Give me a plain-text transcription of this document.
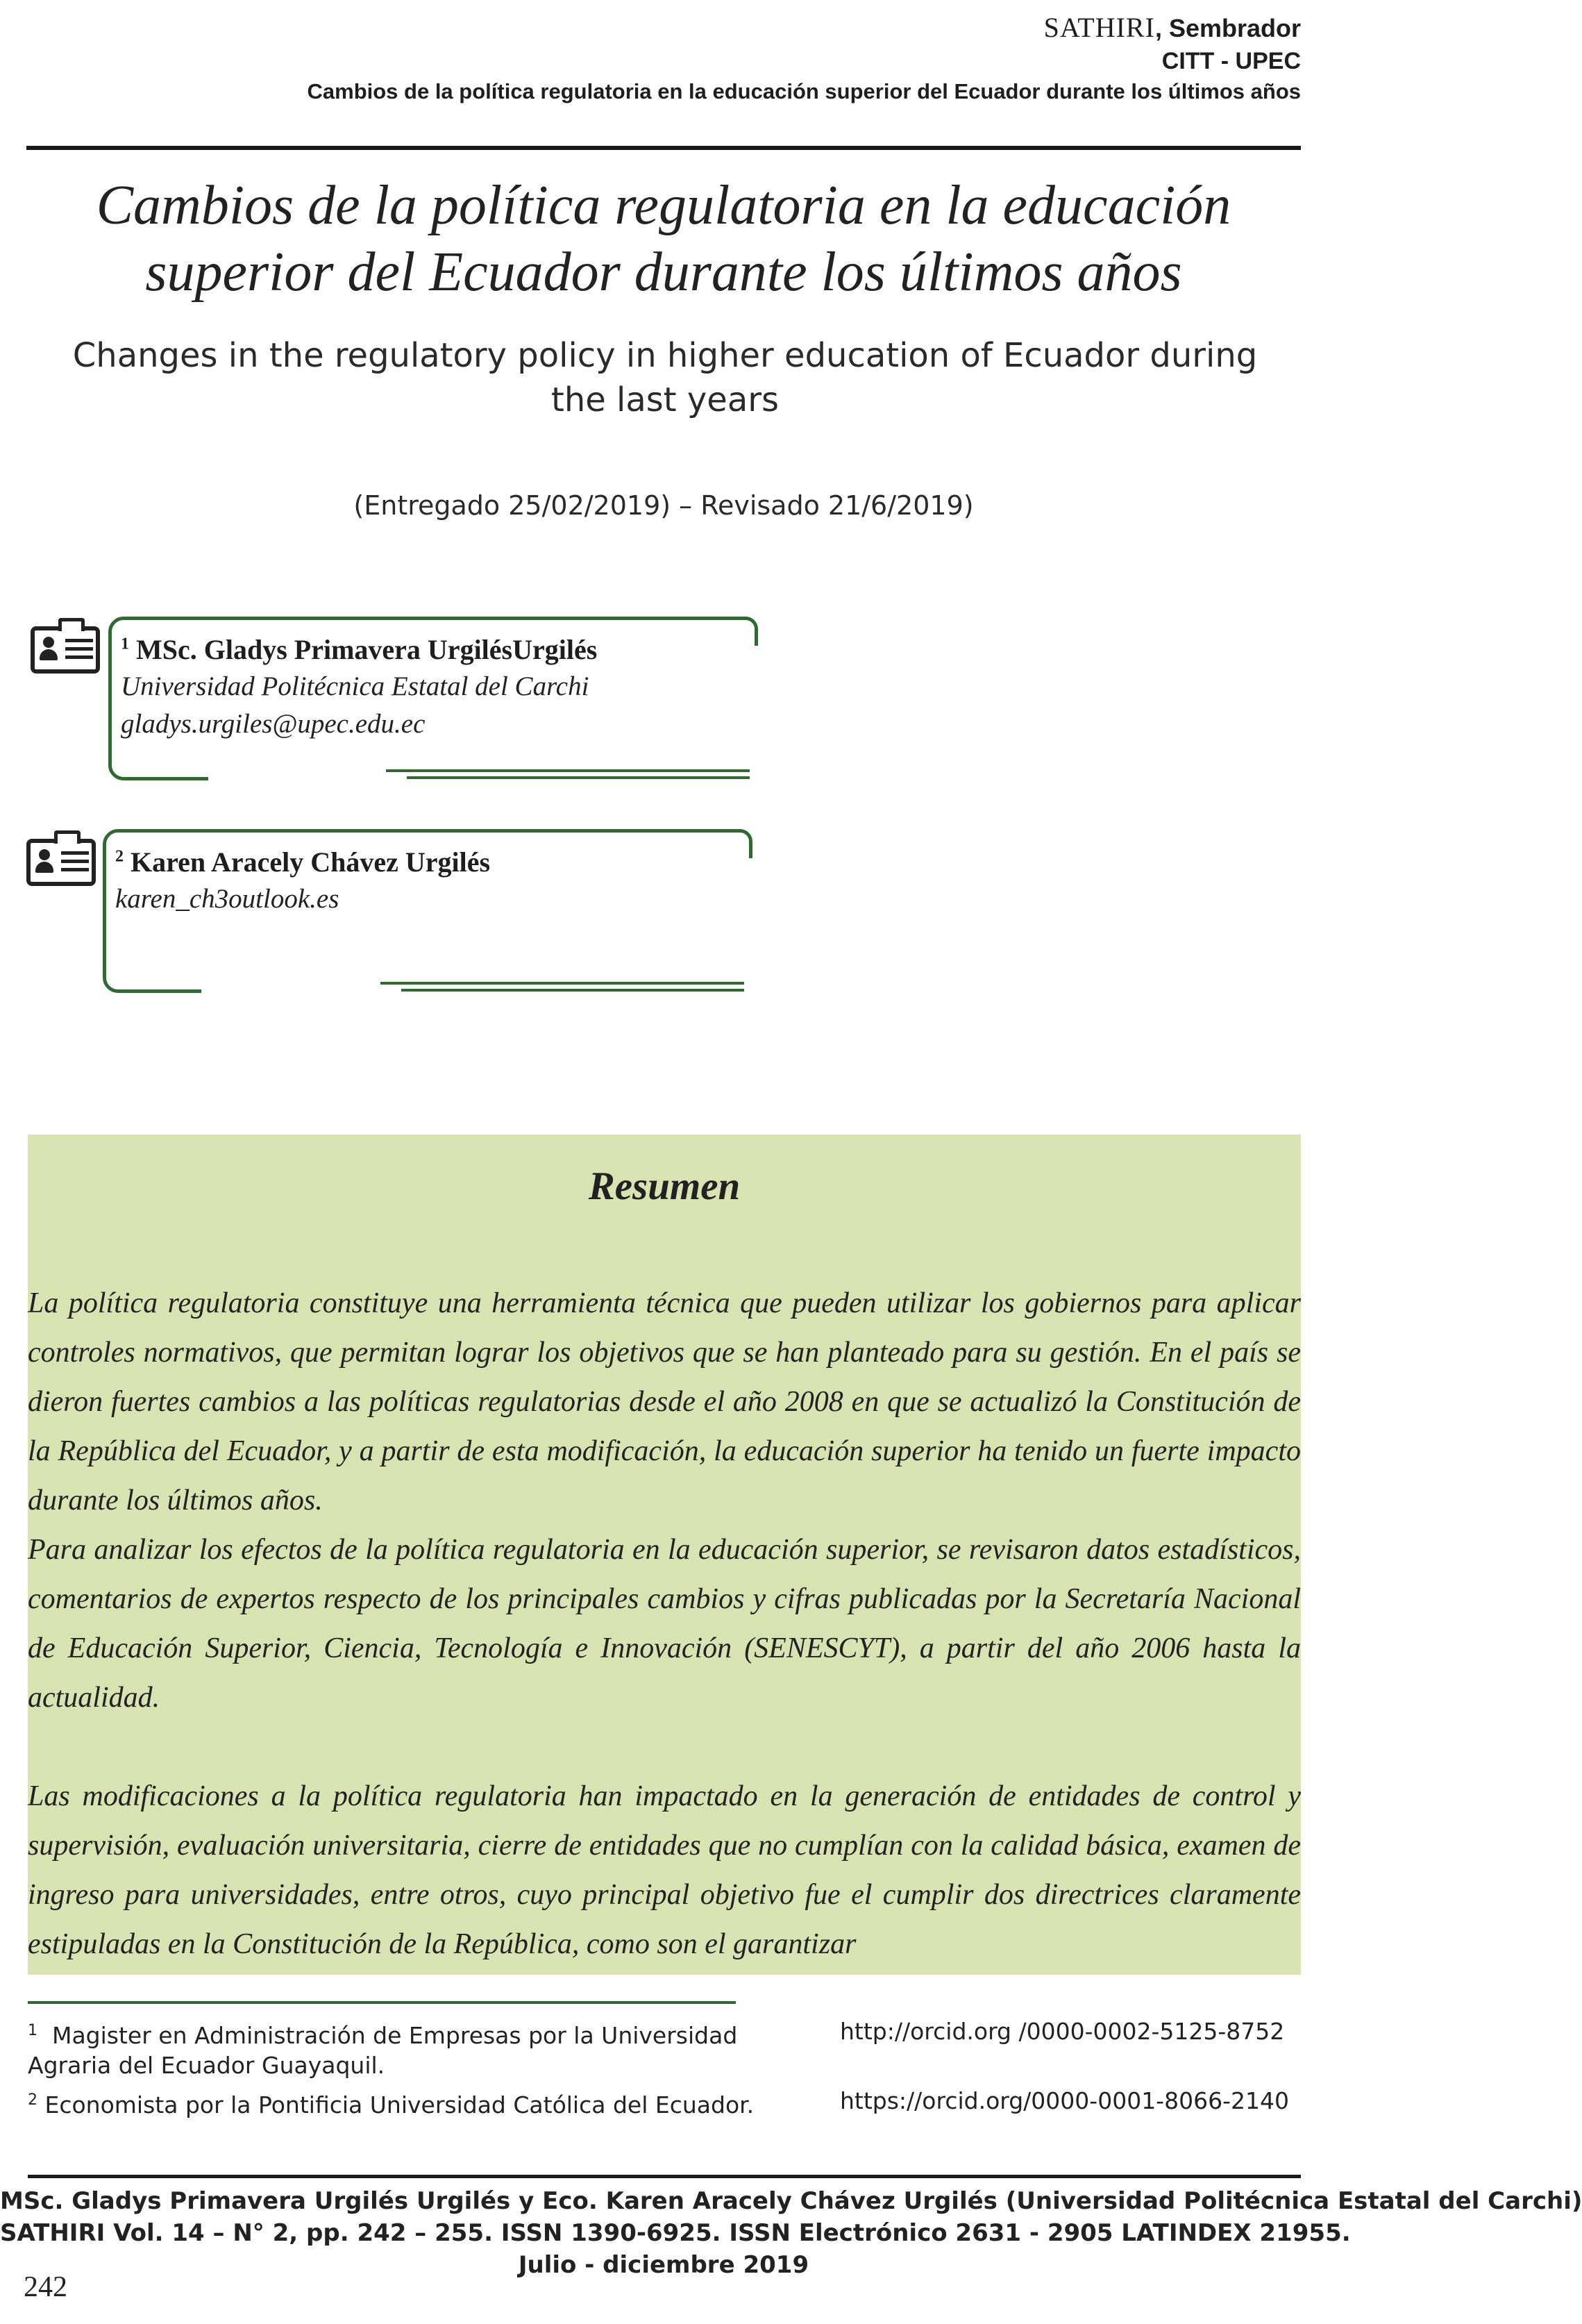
SATHIRI, Sembrador
CITT - UPEC
Cambios de la política regulatoria en la educación superior del Ecuador durante los últimos años
Cambios de la política regulatoria en la educación superior del Ecuador durante los últimos años
Changes in the regulatory policy in higher education of Ecuador during the last years
(Entregado 25/02/2019) – Revisado 21/6/2019)
$^1$ MSc. Gladys Primavera UrgilésUrgilés
Universidad Politécnica Estatal del Carchi
gladys.urgiles@upec.edu.ec
$^2$ Karen Aracely Chávez Urgilés
karen_ch3outlook.es
Resumen
La política regulatoria constituye una herramienta técnica que pueden utilizar los gobiernos para aplicar controles normativos, que permitan lograr los objetivos que se han planteado para su gestión. En el país se dieron fuertes cambios a las políticas regulatorias desde el año 2008 en que se actualizó la Constitución de la República del Ecuador, y a partir de esta modificación, la educación superior ha tenido un fuerte impacto durante los últimos años.
Para analizar los efectos de la política regulatoria en la educación superior, se revisaron datos estadísticos, comentarios de expertos respecto de los principales cambios y cifras publicadas por la Secretaría Nacional de Educación Superior, Ciencia, Tecnología e Innovación (SENESCYT), a partir del año 2006 hasta la actualidad.
Las modificaciones a la política regulatoria han impactado en la generación de entidades de control y supervisión, evaluación universitaria, cierre de entidades que no cumplían con la calidad básica, examen de ingreso para universidades, entre otros, cuyo principal objetivo fue el cumplir dos directrices claramente estipuladas en la Constitución de la República, como son el garantizar
$^1$ Magister en Administración de Empresas por la Universidad
Agraria del Ecuador Guayaquil.
$^2$ Economista por la Pontificia Universidad Católica del Ecuador.
http://orcid.org /0000-0002-5125-8752
https://orcid.org/0000-0001-8066-2140
MSc. Gladys Primavera Urgilés Urgilés y Eco. Karen Aracely Chávez Urgilés (Universidad Politécnica Estatal del Carchi)
SATHIRI Vol. 14 – N° 2, pp. 242 – 255. ISSN 1390-6925. ISSN Electrónico 2631 - 2905 LATINDEX 21955.
Julio - diciembre 2019
242
